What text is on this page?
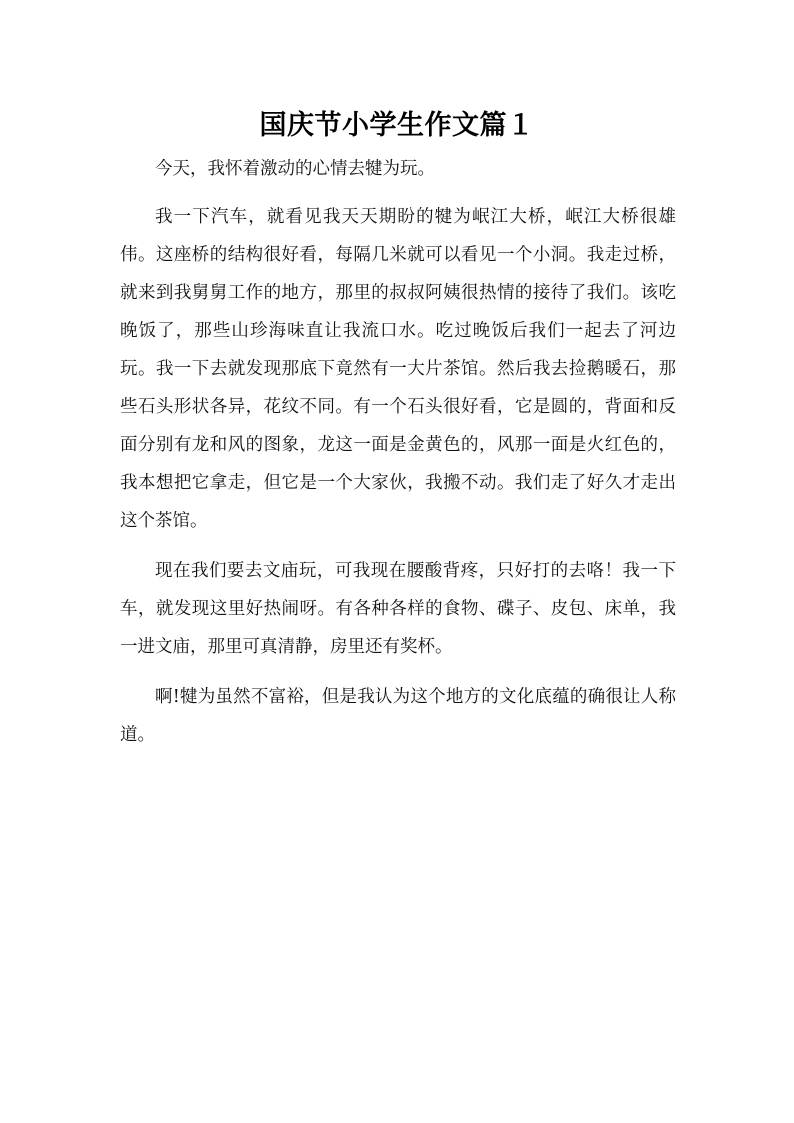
国庆节小学生作文篇１

今天，我怀着激动的心情去犍为玩。

我一下汽车，就看见我天天期盼的犍为岷江大桥，岷江大桥很雄伟。这座桥的结构很好看，每隔几米就可以看见一个小洞。我走过桥，就来到我舅舅工作的地方，那里的叔叔阿姨很热情的接待了我们。该吃晚饭了，那些山珍海味直让我流口水。吃过晚饭后我们一起去了河边玩。我一下去就发现那底下竟然有一大片茶馆。然后我去捡鹅暖石，那些石头形状各异，花纹不同。有一个石头很好看，它是圆的，背面和反面分别有龙和风的图象，龙这一面是金黄色的，风那一面是火红色的，我本想把它拿走，但它是一个大家伙，我搬不动。我们走了好久才走出这个茶馆。

现在我们要去文庙玩，可我现在腰酸背疼，只好打的去咯！我一下车，就发现这里好热闹呀。有各种各样的食物、碟子、皮包、床单，我一进文庙，那里可真清静，房里还有奖杯。

啊!犍为虽然不富裕，但是我认为这个地方的文化底蕴的确很让人称道。
